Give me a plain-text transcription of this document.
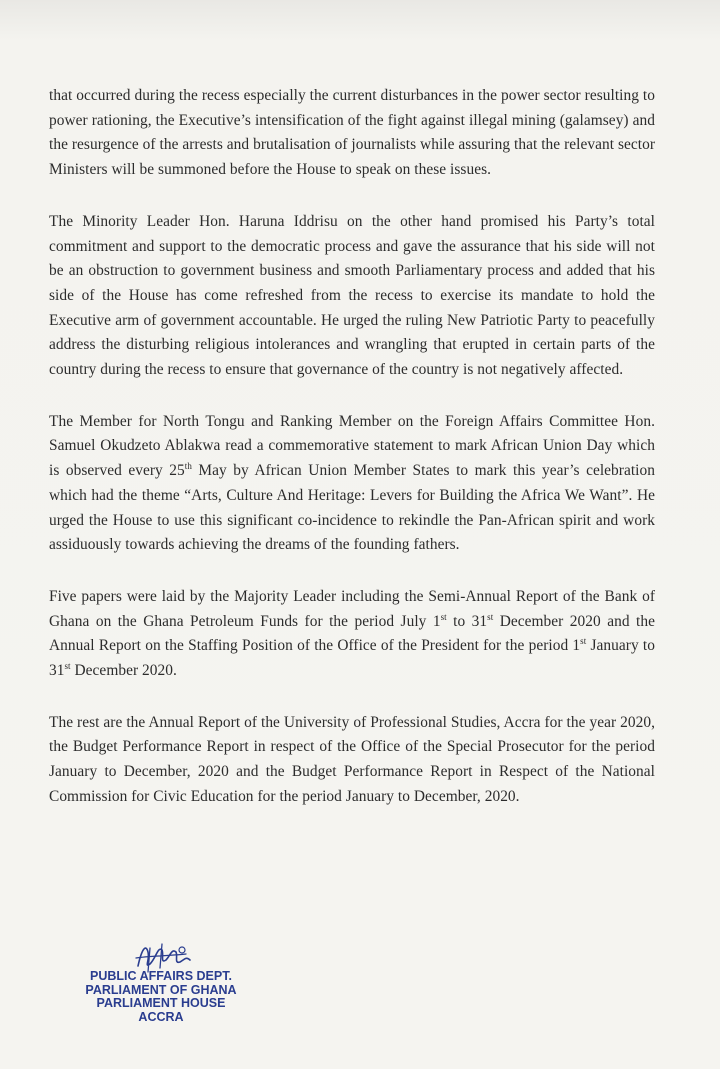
that occurred during the recess especially the current disturbances in the power sector resulting to power rationing, the Executive’s intensification of the fight against illegal mining (galamsey) and the resurgence of the arrests and brutalisation of journalists while assuring that the relevant sector Ministers will be summoned before the House to speak on these issues.

The Minority Leader Hon. Haruna Iddrisu on the other hand promised his Party’s total commitment and support to the democratic process and gave the assurance that his side will not be an obstruction to government business and smooth Parliamentary process and added that his side of the House has come refreshed from the recess to exercise its mandate to hold the Executive arm of government accountable. He urged the ruling New Patriotic Party to peacefully address the disturbing religious intolerances and wrangling that erupted in certain parts of the country during the recess to ensure that governance of the country is not negatively affected.

The Member for North Tongu and Ranking Member on the Foreign Affairs Committee Hon. Samuel Okudzeto Ablakwa read a commemorative statement to mark African Union Day which is observed every 25th May by African Union Member States to mark this year’s celebration which had the theme “Arts, Culture And Heritage: Levers for Building the Africa We Want”. He urged the House to use this significant co-incidence to rekindle the Pan-African spirit and work assiduously towards achieving the dreams of the founding fathers.

Five papers were laid by the Majority Leader including the Semi-Annual Report of the Bank of Ghana on the Ghana Petroleum Funds for the period July 1st to 31st December 2020 and the Annual Report on the Staffing Position of the Office of the President for the period 1st January to 31st December 2020.

The rest are the Annual Report of the University of Professional Studies, Accra for the year 2020, the Budget Performance Report in respect of the Office of the Special Prosecutor for the period January to December, 2020 and the Budget Performance Report in Respect of the National Commission for Civic Education for the period January to December, 2020.

PUBLIC AFFAIRS DEPT.
PARLIAMENT OF GHANA
PARLIAMENT HOUSE
ACCRA
